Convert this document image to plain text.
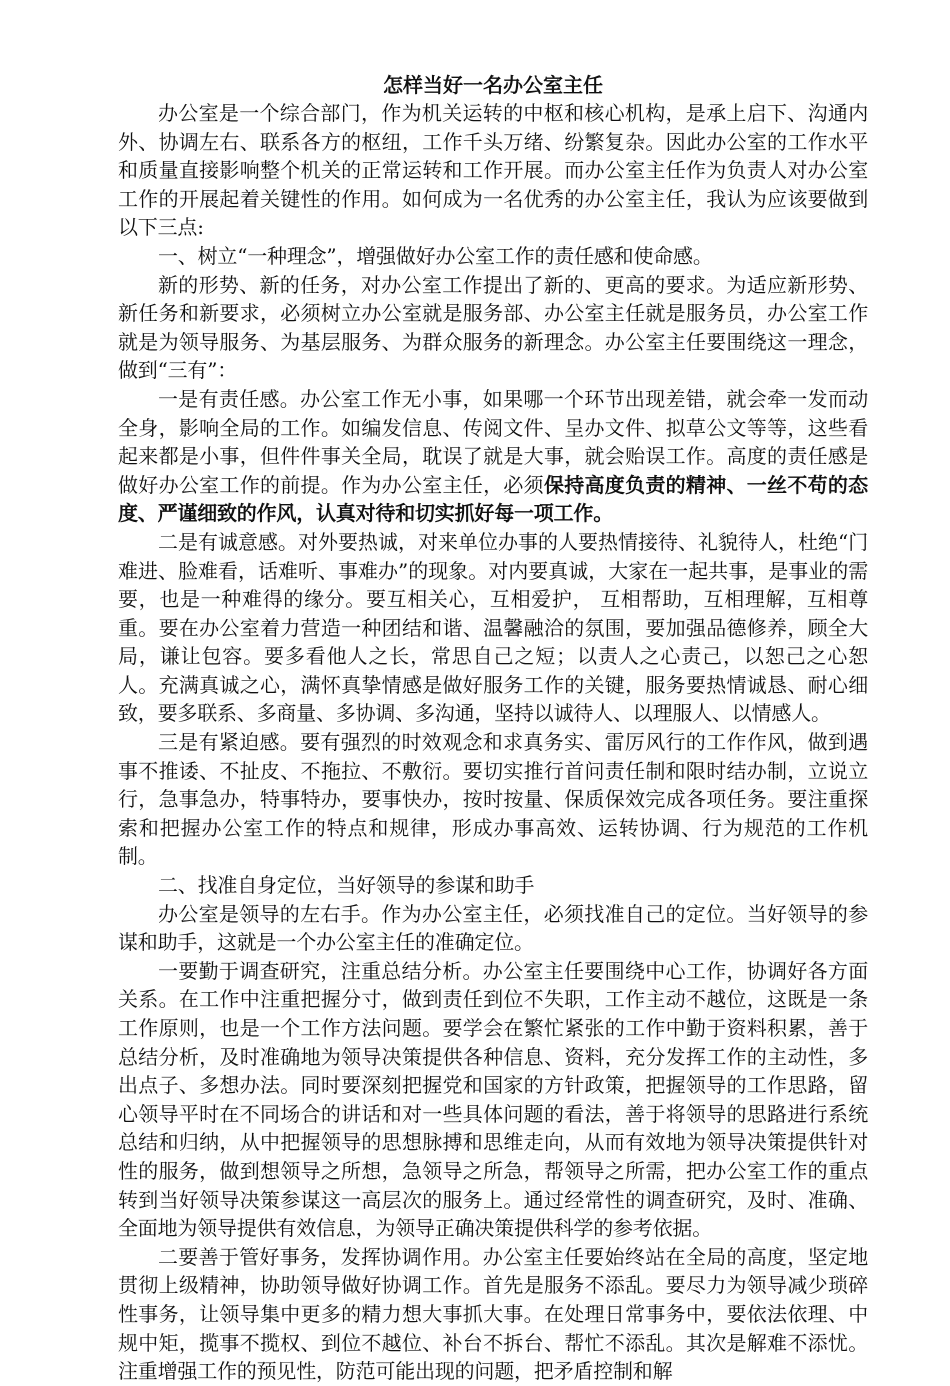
怎样当好一名办公室主任

办公室是一个综合部门，作为机关运转的中枢和核心机构，是承上启下、沟通内外、协调左右、联系各方的枢纽，工作千头万绪、纷繁复杂。因此办公室的工作水平和质量直接影响整个机关的正常运转和工作开展。而办公室主任作为负责人对办公室工作的开展起着关键性的作用。如何成为一名优秀的办公室主任，我认为应该要做到以下三点:

一、树立“一种理念”，增强做好办公室工作的责任感和使命感。

新的形势、新的任务，对办公室工作提出了新的、更高的要求。为适应新形势、新任务和新要求，必须树立办公室就是服务部、办公室主任就是服务员，办公室工作就是为领导服务、为基层服务、为群众服务的新理念。办公室主任要围绕这一理念，做到“三有”：

一是有责任感。办公室工作无小事，如果哪一个环节出现差错，就会牵一发而动全身，影响全局的工作。如编发信息、传阅文件、呈办文件、拟草公文等等，这些看起来都是小事，但件件事关全局，耽误了就是大事，就会贻误工作。高度的责任感是做好办公室工作的前提。作为办公室主任，必须保持高度负责的精神、一丝不苟的态度、严谨细致的作风，认真对待和切实抓好每一项工作。

二是有诚意感。对外要热诚，对来单位办事的人要热情接待、礼貌待人，杜绝“门难进、脸难看，话难听、事难办”的现象。对内要真诚，大家在一起共事，是事业的需要，也是一种难得的缘分。要互相关心，互相爱护， 互相帮助，互相理解，互相尊重。要在办公室着力营造一种团结和谐、温馨融洽的氛围，要加强品德修养，顾全大局，谦让包容。要多看他人之长，常思自己之短；以责人之心责己，以恕己之心恕人。充满真诚之心，满怀真挚情感是做好服务工作的关键，服务要热情诚恳、耐心细致，要多联系、多商量、多协调、多沟通，坚持以诚待人、以理服人、以情感人。

三是有紧迫感。要有强烈的时效观念和求真务实、雷厉风行的工作作风，做到遇事不推诿、不扯皮、不拖拉、不敷衍。要切实推行首问责任制和限时结办制，立说立行，急事急办，特事特办，要事快办，按时按量、保质保效完成各项任务。要注重探索和把握办公室工作的特点和规律，形成办事高效、运转协调、行为规范的工作机制。

二、找准自身定位，当好领导的参谋和助手

办公室是领导的左右手。作为办公室主任，必须找准自己的定位。当好领导的参谋和助手，这就是一个办公室主任的准确定位。

一要勤于调查研究，注重总结分析。办公室主任要围绕中心工作，协调好各方面关系。在工作中注重把握分寸，做到责任到位不失职，工作主动不越位，这既是一条工作原则，也是一个工作方法问题。要学会在繁忙紧张的工作中勤于资料积累，善于总结分析，及时准确地为领导决策提供各种信息、资料，充分发挥工作的主动性，多出点子、多想办法。同时要深刻把握党和国家的方针政策，把握领导的工作思路，留心领导平时在不同场合的讲话和对一些具体问题的看法，善于将领导的思路进行系统总结和归纳，从中把握领导的思想脉搏和思维走向，从而有效地为领导决策提供针对性的服务，做到想领导之所想，急领导之所急，帮领导之所需，把办公室工作的重点转到当好领导决策参谋这一高层次的服务上。通过经常性的调查研究，及时、准确、全面地为领导提供有效信息，为领导正确决策提供科学的参考依据。

二要善于管好事务，发挥协调作用。办公室主任要始终站在全局的高度，坚定地贯彻上级精神，协助领导做好协调工作。首先是服务不添乱。要尽力为领导减少琐碎性事务，让领导集中更多的精力想大事抓大事。在处理日常事务中，要依法依理、中规中矩，揽事不揽权、到位不越位、补台不拆台、帮忙不添乱。其次是解难不添忧。注重增强工作的预见性，防范可能出现的问题，把矛盾控制和解
